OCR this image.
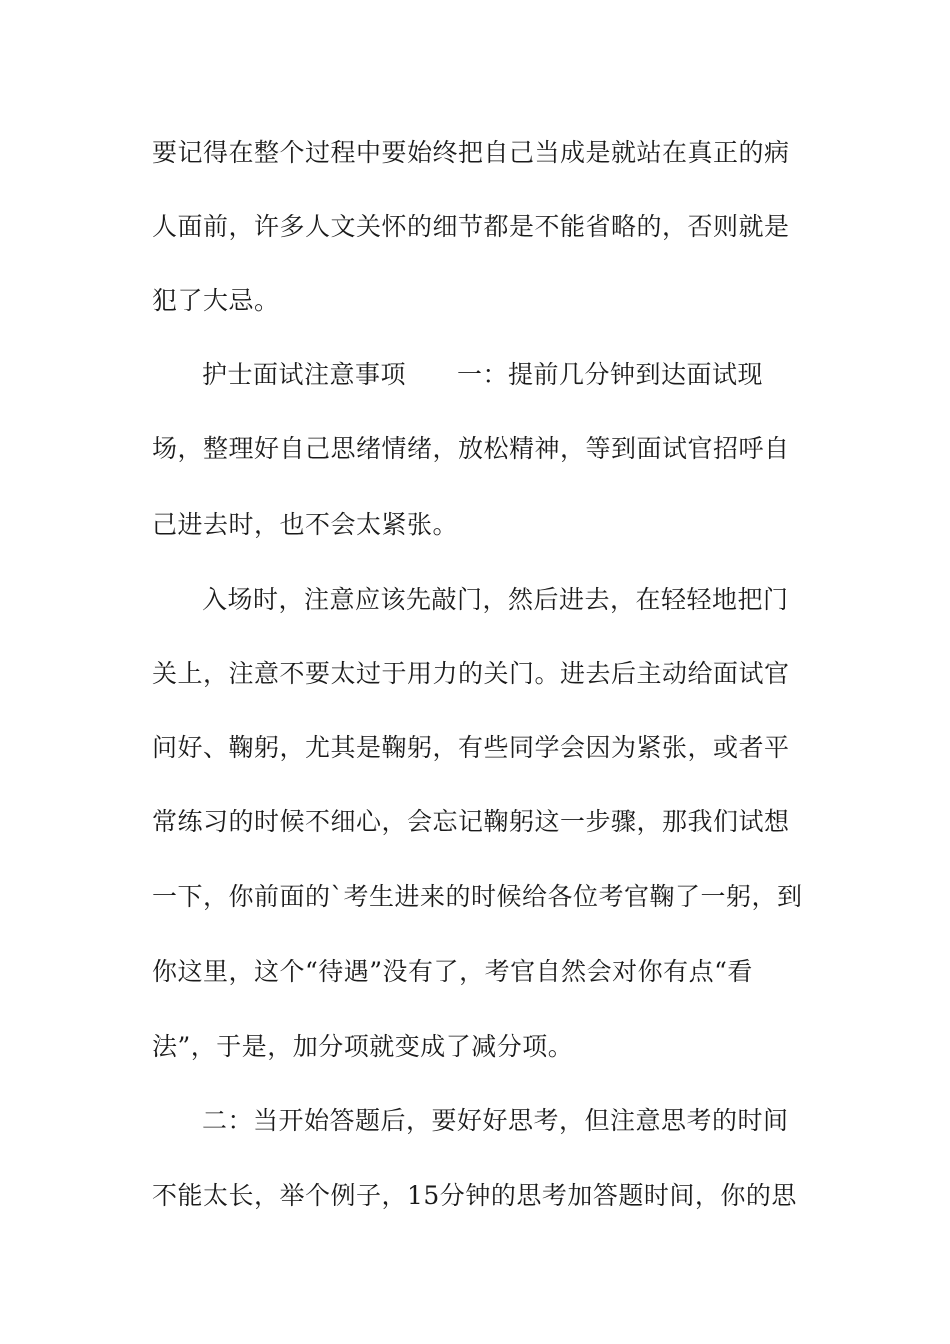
要记得在整个过程中要始终把自己当成是就站在真正的病
人面前，许多人文关怀的细节都是不能省略的，否则就是
犯了大忌。
护士面试注意事项　　一：提前几分钟到达面试现
场，整理好自己思绪情绪，放松精神，等到面试官招呼自
己进去时，也不会太紧张。
入场时，注意应该先敲门，然后进去，在轻轻地把门
关上，注意不要太过于用力的关门。进去后主动给面试官
问好、鞠躬，尤其是鞠躬，有些同学会因为紧张，或者平
常练习的时候不细心，会忘记鞠躬这一步骤，那我们试想
一下，你前面的`考生进来的时候给各位考官鞠了一躬，到
你这里，这个“待遇”没有了，考官自然会对你有点“看
法”，于是，加分项就变成了减分项。
二：当开始答题后，要好好思考，但注意思考的时间
不能太长，举个例子，15分钟的思考加答题时间，你的思
